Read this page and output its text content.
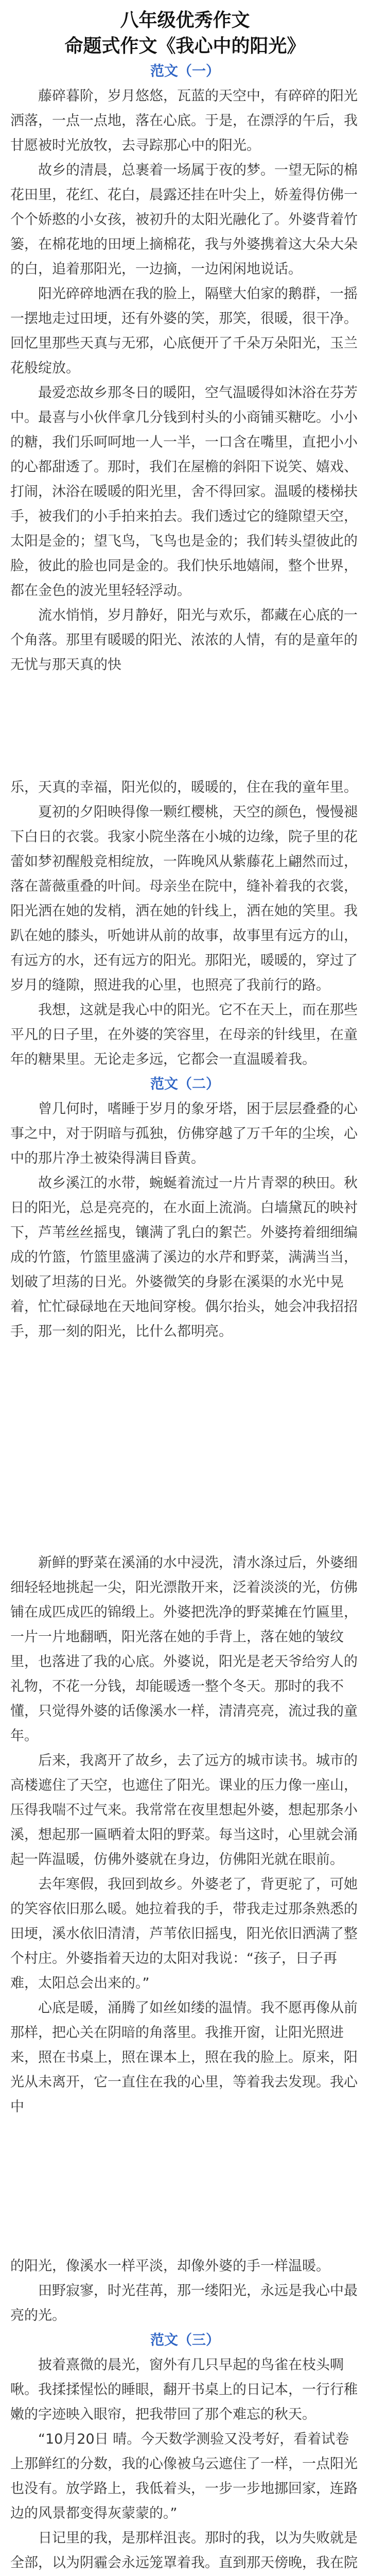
八年级优秀作文
命题式作文《我心中的阳光》
范文（一）

藤碎暮阶，岁月悠悠，瓦蓝的天空中，有碎碎的阳光洒落，一点一点地，落在心底。于是，在漂浮的午后，我甘愿被时光放牧，去寻踪那心中的阳光。

故乡的清晨，总裹着一场属于夜的梦。一望无际的棉花田里，花红、花白，晨露还挂在叶尖上，娇羞得仿佛一个个娇憨的小女孩，被初升的太阳光融化了。外婆背着竹篓，在棉花地的田埂上摘棉花，我与外婆携着这大朵大朵的白，追着那阳光，一边摘，一边闲闲地说话。

阳光碎碎地洒在我的脸上，隔壁大伯家的鹅群，一摇一摆地走过田埂，还有外婆的笑，那笑，很暖，很干净。回忆里那些天真与无邪，心底便开了千朵万朵阳光，玉兰花般绽放。

最爱恋故乡那冬日的暖阳，空气温暖得如沐浴在芬芳中。最喜与小伙伴拿几分钱到村头的小商铺买糖吃。小小的糖，我们乐呵呵地一人一半，一口含在嘴里，直把小小的心都甜透了。那时，我们在屋檐的斜阳下说笑、嬉戏、打闹，沐浴在暖暖的阳光里，舍不得回家。温暖的楼梯扶手，被我们的小手拍来拍去。我们透过它的缝隙望天空，太阳是金的；望飞鸟，飞鸟也是金的；我们转头望彼此的脸，彼此的脸也同是金的。我们快乐地嬉闹，整个世界，都在金色的波光里轻轻浮动。

流水悄悄，岁月静好，阳光与欢乐，都藏在心底的一个角落。那里有暖暖的阳光、浓浓的人情，有的是童年的无忧与那天真的快

乐，天真的幸福，阳光似的，暖暖的，住在我的童年里。

夏初的夕阳映得像一颗红樱桃，天空的颜色，慢慢褪下白日的衣裳。我家小院坐落在小城的边缘，院子里的花蕾如梦初醒般竞相绽放，一阵晚风从紫藤花上翩然而过，落在蔷薇重叠的叶间。母亲坐在院中，缝补着我的衣裳，阳光洒在她的发梢，洒在她的针线上，洒在她的笑里。我趴在她的膝头，听她讲从前的故事，故事里有远方的山，有远方的水，还有远方的阳光。那阳光，暖暖的，穿过了岁月的缝隙，照进我的心里，也照亮了我前行的路。

我想，这就是我心中的阳光。它不在天上，而在那些平凡的日子里，在外婆的笑容里，在母亲的针线里，在童年的糖果里。无论走多远，它都会一直温暖着我。

范文（二）

曾几何时，嗜睡于岁月的象牙塔，困于层层叠叠的心事之中，对于阴暗与孤独，仿佛穿越了万千年的尘埃，心中的那片净土被染得满目昏黄。

故乡溪江的水带，蜿蜒着流过一片片青翠的秧田。秋日的阳光，总是亮亮的，在水面上流淌。白墙黛瓦的映衬下，芦苇丝丝摇曳，镶满了乳白的絮芒。外婆挎着细细编成的竹篮，竹篮里盛满了溪边的水芹和野菜，满满当当，划破了坦荡的日光。外婆微笑的身影在溪渠的水光中晃着，忙忙碌碌地在天地间穿梭。偶尔抬头，她会冲我招招手，那一刻的阳光，比什么都明亮。

新鲜的野菜在溪涌的水中浸洗，清水涤过后，外婆细细轻轻地挑起一尖，阳光漂散开来，泛着淡淡的光，仿佛铺在成匹成匹的锦缎上。外婆把洗净的野菜摊在竹匾里，一片一片地翻晒，阳光落在她的手背上，落在她的皱纹里，也落进了我的心底。外婆说，阳光是老天爷给穷人的礼物，不花一分钱，却能暖透一整个冬天。那时的我不懂，只觉得外婆的话像溪水一样，清清亮亮，流过我的童年。

后来，我离开了故乡，去了远方的城市读书。城市的高楼遮住了天空，也遮住了阳光。课业的压力像一座山，压得我喘不过气来。我常常在夜里想起外婆，想起那条小溪，想起那一匾晒着太阳的野菜。每当这时，心里就会涌起一阵温暖，仿佛外婆就在身边，仿佛阳光就在眼前。

去年寒假，我回到故乡。外婆老了，背更驼了，可她的笑容依旧那么暖。她拉着我的手，带我走过那条熟悉的田埂，溪水依旧清清，芦苇依旧摇曳，阳光依旧洒满了整个村庄。外婆指着天边的太阳对我说：“孩子，日子再难，太阳总会出来的。”

心底是暖，涌腾了如丝如缕的温情。我不愿再像从前那样，把心关在阴暗的角落里。我推开窗，让阳光照进来，照在书桌上，照在课本上，照在我的脸上。原来，阳光从未离开，它一直住在我的心里，等着我去发现。我心中

的阳光，像溪水一样平淡，却像外婆的手一样温暖。

田野寂寥，时光荏苒，那一缕阳光，永远是我心中最亮的光。

范文（三）

披着熹微的晨光，窗外有几只早起的鸟雀在枝头啁啾。我揉揉惺忪的睡眼，翻开书桌上的日记本，一行行稚嫩的字迹映入眼帘，把我带回了那个难忘的秋天。

“10月20日 晴。今天数学测验又没考好，看着试卷上那鲜红的分数，我的心像被乌云遮住了一样，一点阳光也没有。放学路上，我低着头，一步一步地挪回家，连路边的风景都变得灰蒙蒙的。”

日记里的我，是那样沮丧。那时的我，以为失败就是全部，以为阴霾会永远笼罩着我。直到那天傍晚，我在院
